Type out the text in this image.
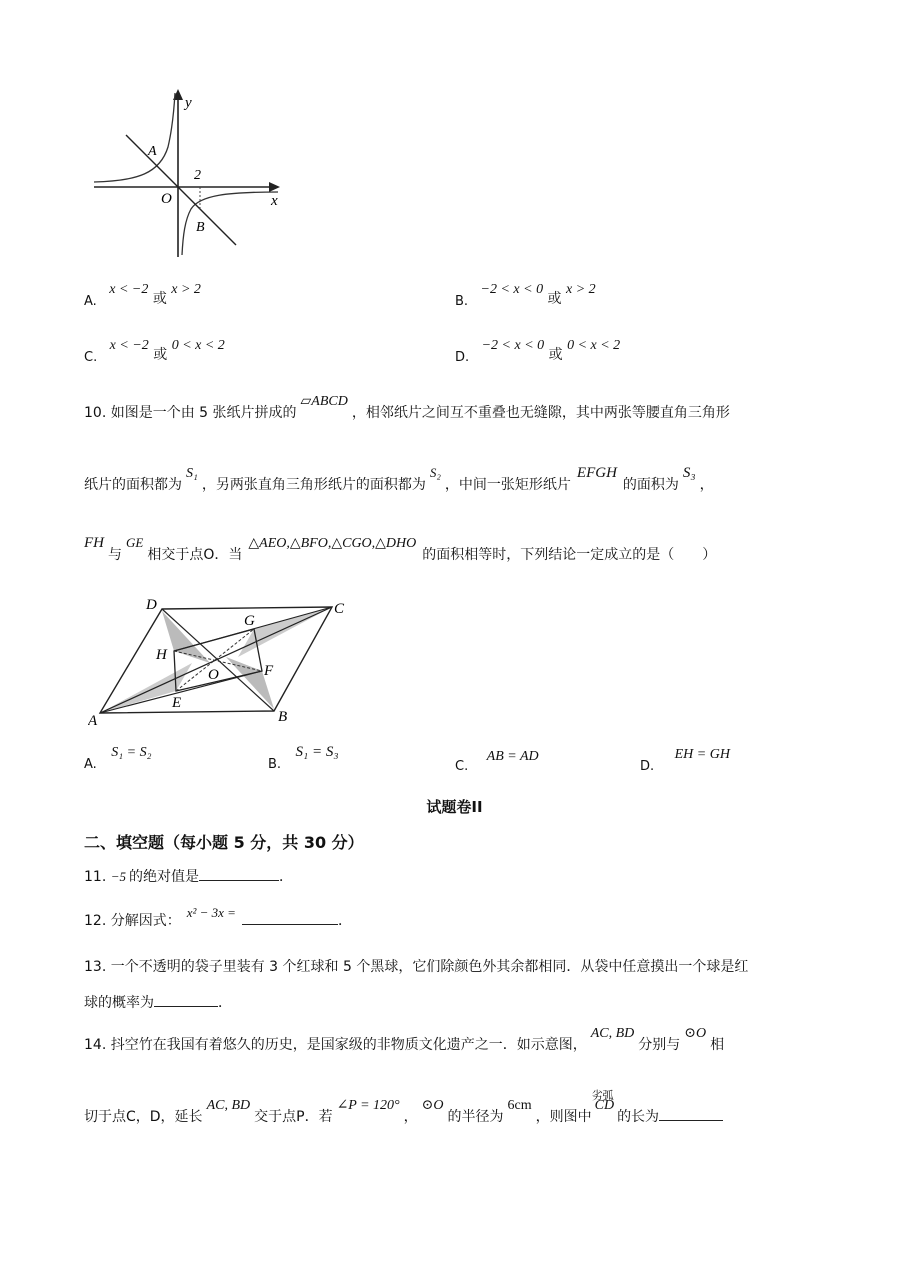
y
x
O
A
B
2
A. x < −2 或 x > 2
B. −2 < x < 0 或 x > 2
C. x < −2 或 0 < x < 2
D. −2 < x < 0 或 0 < x < 2
10. 如图是一个由 5 张纸片拼成的▱ABCD，相邻纸片之间互不重叠也无缝隙，其中两张等腰直角三角形
纸片的面积都为S₁，另两张直角三角形纸片的面积都为S₂，中间一张矩形纸片EFGH的面积为S₃，
FH与GE相交于点O．当△AEO,△BFO,△CGO,△DHO的面积相等时，下列结论一定成立的是（　　）
D	C
A	B
G
H
F
E
O
A. S₁ = S₂
B. S₁ = S₃
C. AB = AD
D. EH = GH
试题卷II
二、填空题（每小题 5 分，共 30 分）
11. −5 的绝对值是	．
12. 分解因式：x² − 3x =．
13. 一个不透明的袋子里装有 3 个红球和 5 个黑球，它们除颜色外其余都相同．从袋中任意摸出一个球是红
球的概率为	．
14. 抖空竹在我国有着悠久的历史，是国家级的非物质文化遗产之一．如示意图，AC, BD分别与⊙O相
切于点C，D，延长AC, BD交于点P．若∠P = 120°，⊙O的半径为6cm，则图中
劣弧
CD的长为
